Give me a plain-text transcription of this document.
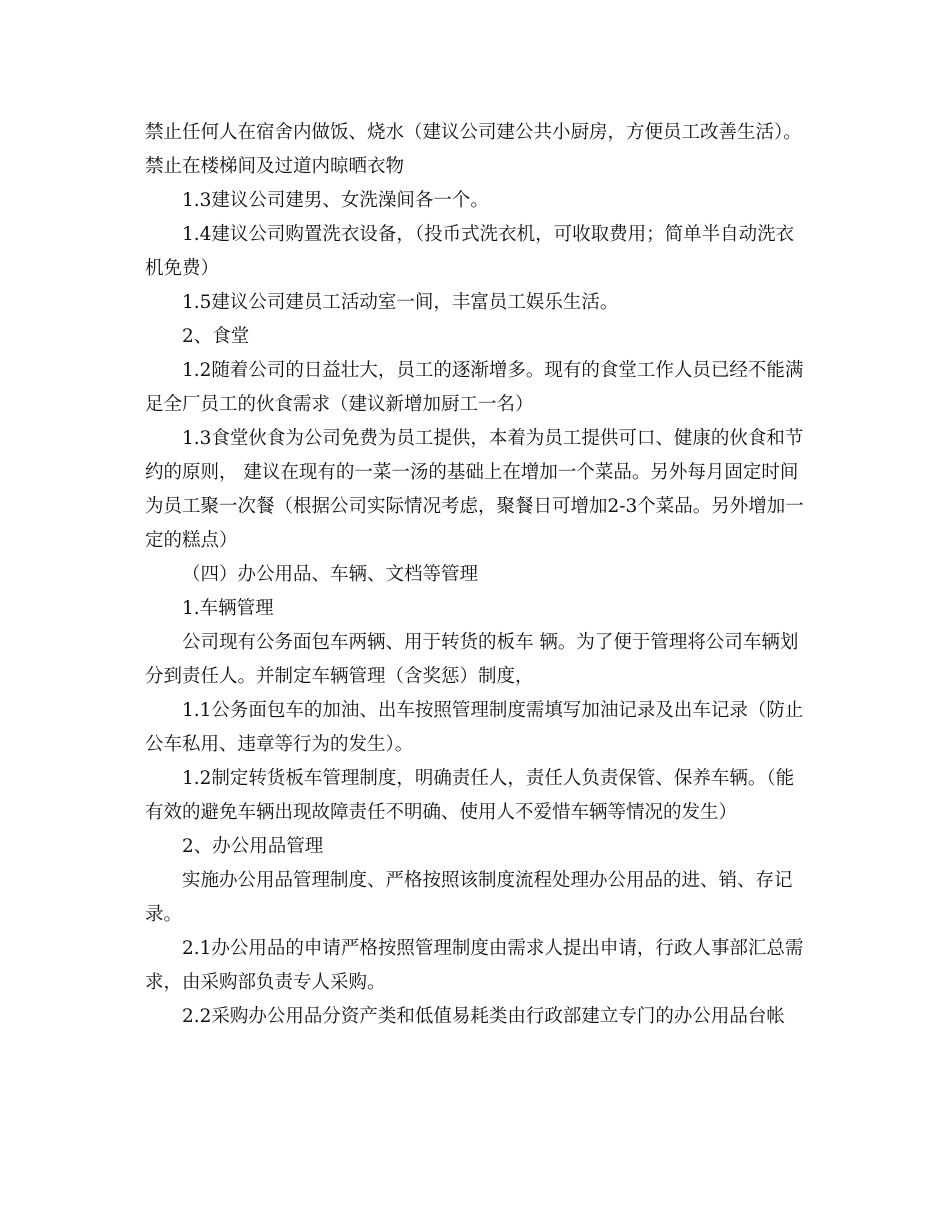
禁止任何人在宿舍内做饭、烧水（建议公司建公共小厨房，方便员工改善生活）。禁止在楼梯间及过道内晾晒衣物

1.3建议公司建男、女洗澡间各一个。

1.4建议公司购置洗衣设备，（投币式洗衣机，可收取费用；简单半自动洗衣机免费）

1.5建议公司建员工活动室一间，丰富员工娱乐生活。

2、食堂

1.2随着公司的日益壮大，员工的逐渐增多。现有的食堂工作人员已经不能满足全厂员工的伙食需求（建议新增加厨工一名）

1.3食堂伙食为公司免费为员工提供，本着为员工提供可口、健康的伙食和节约的原则， 建议在现有的一菜一汤的基础上在增加一个菜品。另外每月固定时间为员工聚一次餐（根据公司实际情况考虑，聚餐日可增加2-3个菜品。另外增加一定的糕点）

（四）办公用品、车辆、文档等管理

1.车辆管理

公司现有公务面包车两辆、用于转货的板车 辆。为了便于管理将公司车辆划分到责任人。并制定车辆管理（含奖惩）制度，

1.1公务面包车的加油、出车按照管理制度需填写加油记录及出车记录（防止公车私用、违章等行为的发生）。

1.2制定转货板车管理制度，明确责任人，责任人负责保管、保养车辆。（能有效的避免车辆出现故障责任不明确、使用人不爱惜车辆等情况的发生）

2、办公用品管理

实施办公用品管理制度、严格按照该制度流程处理办公用品的进、销、存记录。

2.1办公用品的申请严格按照管理制度由需求人提出申请，行政人事部汇总需求，由采购部负责专人采购。

2.2采购办公用品分资产类和低值易耗类由行政部建立专门的办公用品台帐
